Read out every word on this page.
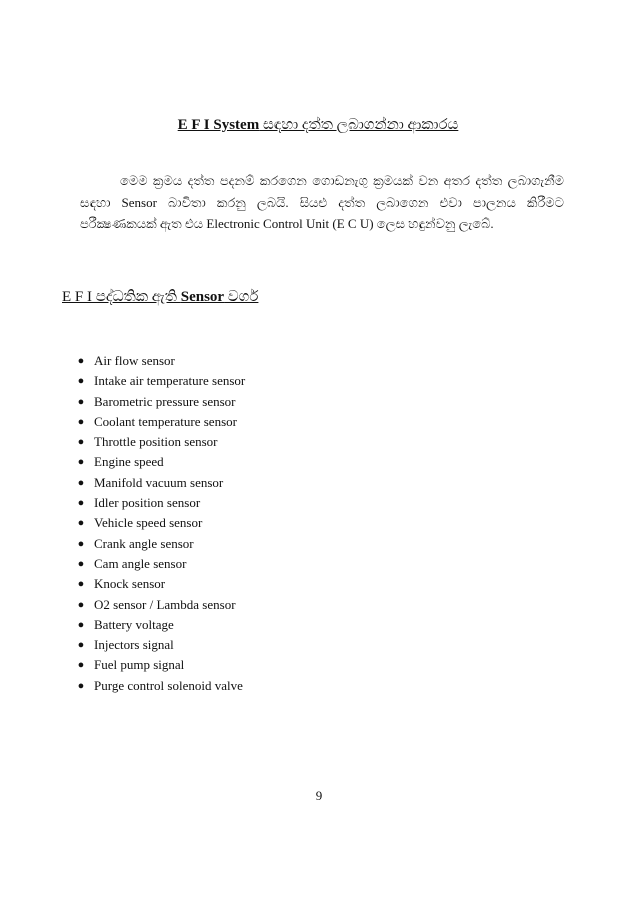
E F I System සඳහා දත්ත ලබාගන්නා ආකාරය
මෙම ක්‍රමය දත්ත පදනම් කරගෙන ගොඩනැගු ක්‍රමයක් වන අතර දත්ත ලබාගැනීම සඳහා Sensor බාවිතා කරනු ලබයි. සියළු දත්ත ලබාගෙන එවා පාලනය කිරීමට පරීක්‍ෂණකයක් ඇත එය Electronic Control Unit (E C U) ලෙස හඳුන්වනු ලැබේ.
E F I පද්ධතික ඇති Sensor වර්ග
● Air flow sensor
● Intake air temperature sensor
● Barometric pressure sensor
● Coolant temperature sensor
● Throttle position sensor
● Engine speed
● Manifold vacuum sensor
● Idler position sensor
● Vehicle speed sensor
● Crank angle sensor
● Cam angle sensor
● Knock sensor
● O2 sensor / Lambda sensor
● Battery voltage
● Injectors signal
● Fuel pump signal
● Purge control solenoid valve
9
